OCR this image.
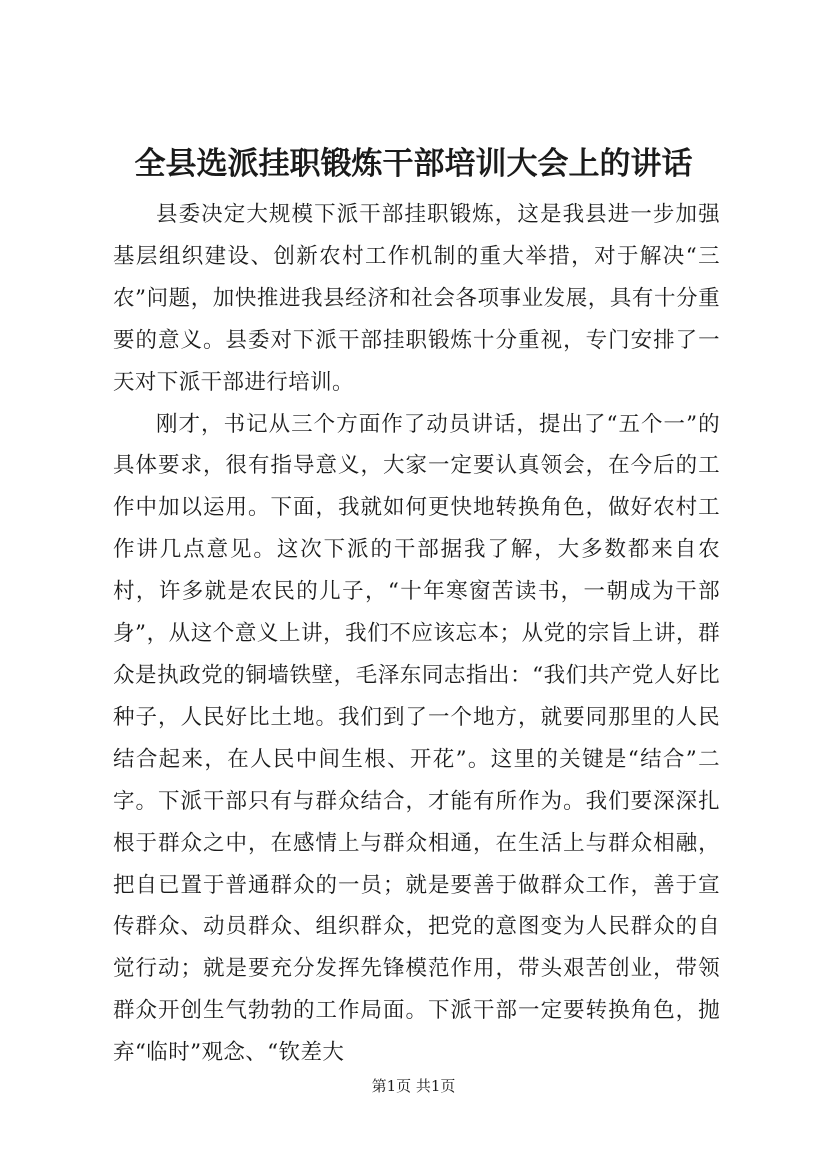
全县选派挂职锻炼干部培训大会上的讲话

县委决定大规模下派干部挂职锻炼，这是我县进一步加强基层组织建设、创新农村工作机制的重大举措，对于解决“三农”问题，加快推进我县经济和社会各项事业发展，具有十分重要的意义。县委对下派干部挂职锻炼十分重视，专门安排了一天对下派干部进行培训。

刚才，书记从三个方面作了动员讲话，提出了“五个一”的具体要求，很有指导意义，大家一定要认真领会，在今后的工作中加以运用。下面，我就如何更快地转换角色，做好农村工作讲几点意见。这次下派的干部据我了解，大多数都来自农村，许多就是农民的儿子，“十年寒窗苦读书，一朝成为干部身”，从这个意义上讲，我们不应该忘本；从党的宗旨上讲，群众是执政党的铜墙铁壁，毛泽东同志指出：“我们共产党人好比种子，人民好比土地。我们到了一个地方，就要同那里的人民结合起来，在人民中间生根、开花”。这里的关键是“结合”二字。下派干部只有与群众结合，才能有所作为。我们要深深扎根于群众之中，在感情上与群众相通，在生活上与群众相融，把自已置于普通群众的一员；就是要善于做群众工作，善于宣传群众、动员群众、组织群众，把党的意图变为人民群众的自觉行动；就是要充分发挥先锋模范作用，带头艰苦创业，带领群众开创生气勃勃的工作局面。下派干部一定要转换角色，抛弃“临时”观念、“钦差大

第1页 共1页
